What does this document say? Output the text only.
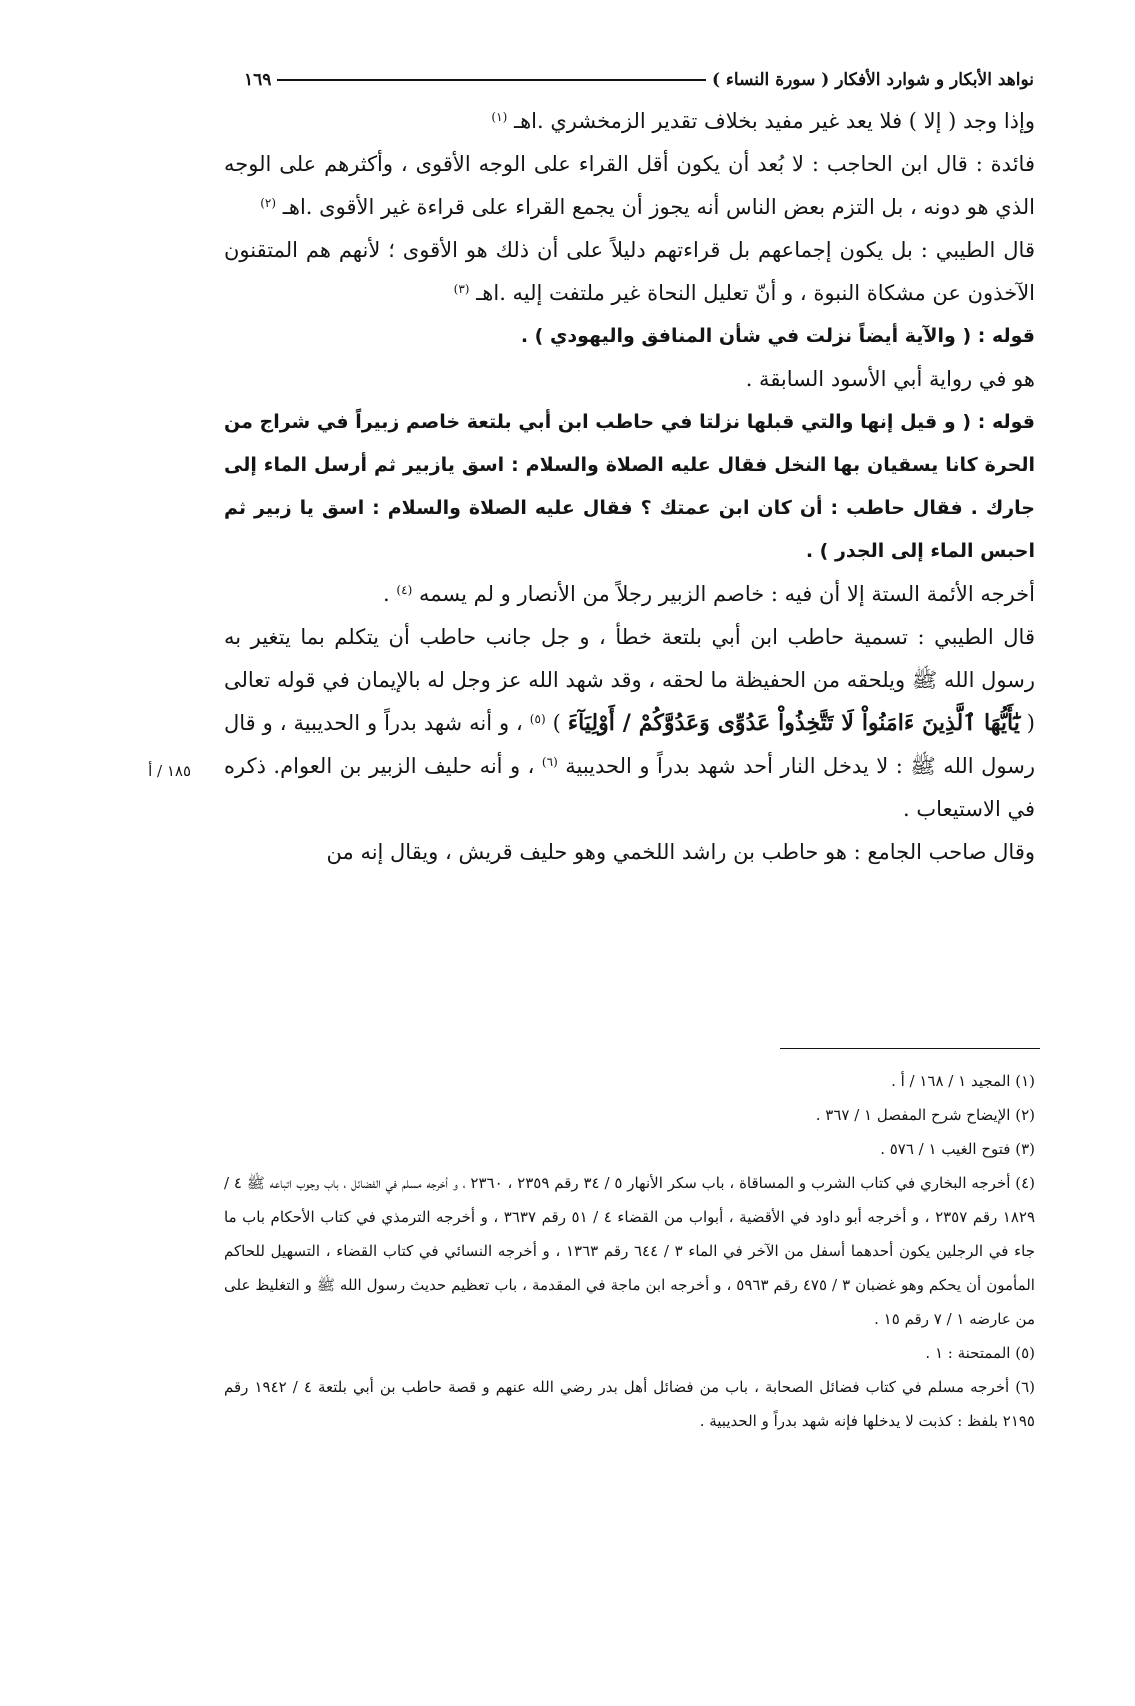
نواهد الأبكار و شوارد الأفكار ( سورة النساء )
١٦٩

وإذا وجد ( إلا ) فلا يعد غير مفيد بخلاف تقدير الزمخشري .اهـ $^{(١)}$

فائدة : قال ابن الحاجب : لا بُعد أن يكون أقل القراء على الوجه الأقوى ، وأكثرهم على الوجه الذي هو دونه ، بل التزم بعض الناس أنه يجوز أن يجمع القراء على قراءة غير الأقوى .اهـ $^{(٢)}$

قال الطيبي : بل يكون إجماعهم بل قراءتهم دليلاً على أن ذلك هو الأقوى ؛ لأنهم هم المتقنون الآخذون عن مشكاة النبوة ، و أنّ تعليل النحاة غير ملتفت إليه .اهـ $^{(٣)}$

قوله : ( والآية أيضاً نزلت في شأن المنافق واليهودي ) .

هو في رواية أبي الأسود السابقة .

قوله : ( و قيل إنها والتي قبلها نزلتا في حاطب ابن أبي بلتعة خاصم زبيراً في شراج من الحرة كانا يسقيان بها النخل فقال عليه الصلاة والسلام : اسق يازبير ثم أرسل الماء إلى جارك . فقال حاطب : أن كان ابن عمتك ؟ فقال عليه الصلاة والسلام : اسق يا زبير ثم احبس الماء إلى الجدر ) .

أخرجه الأئمة الستة إلا أن فيه : خاصم الزبير رجلاً من الأنصار و لم يسمه $^{(٤)}$ .

قال الطيبي : تسمية حاطب ابن أبي بلتعة خطأ ، و جل جانب حاطب أن يتكلم بما يتغير به رسول الله ﷺ ويلحقه من الحفيظة ما لحقه ، وقد شهد الله عز وجل له بالإيمان في قوله تعالى ( يَٰٓأَيُّهَا ٱلَّذِينَ ءَامَنُواْ لَا تَتَّخِذُواْ عَدُوِّى وَعَدُوَّكُمْ / أَوْلِيَآءَ ) $^{(٥)}$ ، و أنه شهد بدراً و الحديبية ، و قال رسول الله ﷺ : لا يدخل النار أحد شهد بدراً و الحديبية $^{(٦)}$ ، و أنه حليف الزبير بن العوام. ذكره في الاستيعاب .

وقال صاحب الجامع : هو حاطب بن راشد اللخمي وهو حليف قريش ، ويقال إنه من

١٨٥ / أ

(١) المجيد ١ / ١٦٨ / أ .

(٢) الإيضاح شرح المفصل ١ / ٣٦٧ .

(٣) فتوح الغيب ١ / ٥٧٦ .

(٤) أخرجه البخاري في كتاب الشرب و المساقاة ، باب سكر الأنهار ٥ / ٣٤ رقم ٢٣٥٩ ، ٢٣٦٠ ، و أخرجه مسلم في الفضائل ، باب وجوب اتباعه ﷺ ٤ / ١٨٢٩ رقم ٢٣٥٧ ، و أخرجه أبو داود في الأقضية ، أبواب من القضاء ٤ / ٥١ رقم ٣٦٣٧ ، و أخرجه الترمذي في كتاب الأحكام باب ما جاء في الرجلين يكون أحدهما أسفل من الآخر في الماء ٣ / ٦٤٤ رقم ١٣٦٣ ، و أخرجه النسائي في كتاب القضاء ، التسهيل للحاكم المأمون أن يحكم وهو غضبان ٣ / ٤٧٥ رقم ٥٩٦٣ ، و أخرجه ابن ماجة في المقدمة ، باب تعظيم حديث رسول الله ﷺ و التغليظ على من عارضه ١ / ٧ رقم ١٥ .

(٥) الممتحنة : ١ .

(٦) أخرجه مسلم في كتاب فضائل الصحابة ، باب من فضائل أهل بدر رضي الله عنهم و قصة حاطب بن أبي بلتعة ٤ / ١٩٤٢ رقم ٢١٩٥ بلفظ : كذبت لا يدخلها فإنه شهد بدراً و الحديبية .
